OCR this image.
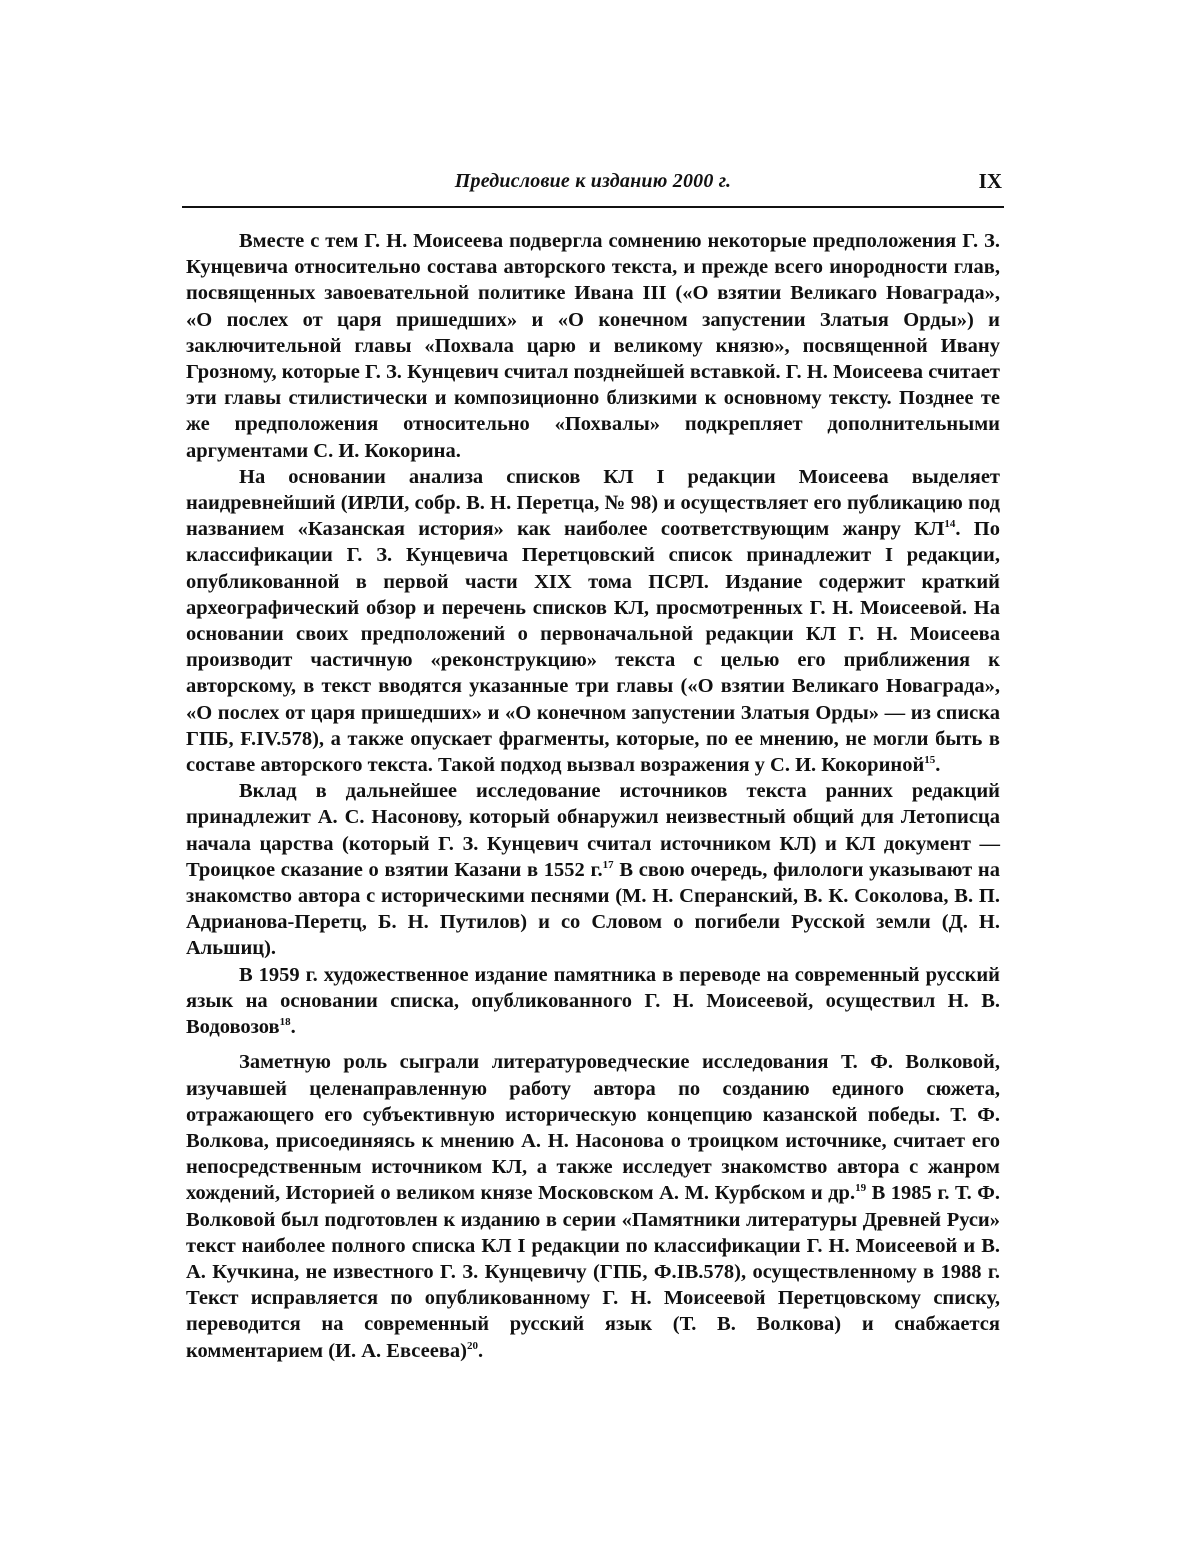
Предисловие к изданию 2000 г.	IX

Вместе с тем Г. Н. Моисеева подвергла сомнению некоторые предположения Г. З. Кунцевича относительно состава авторского текста, и прежде всего инородности глав, посвященных завоевательной политике Ивана III («О взятии Великаго Новаграда», «О послех от царя пришедших» и «О конечном запустении Златыя Орды») и заключительной главы «Похвала царю и великому князю», посвященной Ивану Грозному, которые Г. З. Кунцевич считал позднейшей вставкой. Г. Н. Моисеева считает эти главы стилистически и композиционно близкими к основному тексту. Позднее те же предположения относительно «Похвалы» подкрепляет дополнительными аргументами С. И. Кокорина.

На основании анализа списков КЛ I редакции Моисеева выделяет наидревнейший (ИРЛИ, собр. В. Н. Перетца, № 98) и осуществляет его публикацию под названием «Казанская история» как наиболее соответствующим жанру КЛ$^{14}$. По классификации Г. З. Кунцевича Перетцовский список принадлежит I редакции, опубликованной в первой части XIX тома ПСРЛ. Издание содержит краткий археографический обзор и перечень списков КЛ, просмотренных Г. Н. Моисеевой. На основании своих предположений о первоначальной редакции КЛ Г. Н. Моисеева производит частичную «реконструкцию» текста с целью его приближения к авторскому, в текст вводятся указанные три главы («О взятии Великаго Новаграда», «О послех от царя пришедших» и «О конечном запустении Златыя Орды» — из списка ГПБ, F.IV.578), а также опускает фрагменты, которые, по ее мнению, не могли быть в составе авторского текста. Такой подход вызвал возражения у С. И. Кокориной$^{15}$.

Вклад в дальнейшее исследование источников текста ранних редакций принадлежит А. С. Насонову, который обнаружил неизвестный общий для Летописца начала царства (который Г. З. Кунцевич считал источником КЛ) и КЛ документ — Троицкое сказание о взятии Казани в 1552 г.$^{17}$ В свою очередь, филологи указывают на знакомство автора с историческими песнями (М. Н. Сперанский, В. К. Соколова, В. П. Адрианова-Перетц, Б. Н. Путилов) и со Словом о погибели Русской земли (Д. Н. Альшиц).

В 1959 г. художественное издание памятника в переводе на современный русский язык на основании списка, опубликованного Г. Н. Моисеевой, осуществил Н. В. Водовозов$^{18}$.

Заметную роль сыграли литературоведческие исследования Т. Ф. Волковой, изучавшей целенаправленную работу автора по созданию единого сюжета, отражающего его субъективную историческую концепцию казанской победы. Т. Ф. Волкова, присоединяясь к мнению А. Н. Насонова о троицком источнике, считает его непосредственным источником КЛ, а также исследует знакомство автора с жанром хождений, Историей о великом князе Московском А. М. Курбском и др.$^{19}$ В 1985 г. Т. Ф. Волковой был подготовлен к изданию в серии «Памятники литературы Древней Руси» текст наиболее полного списка КЛ I редакции по классификации Г. Н. Моисеевой и В. А. Кучкина, не известного Г. З. Кунцевичу (ГПБ, Ф.IВ.578), осуществленному в 1988 г. Текст исправляется по опубликованному Г. Н. Моисеевой Перетцовскому списку, переводится на современный русский язык (Т. В. Волкова) и снабжается комментарием (И. А. Евсеева)$^{20}$.
